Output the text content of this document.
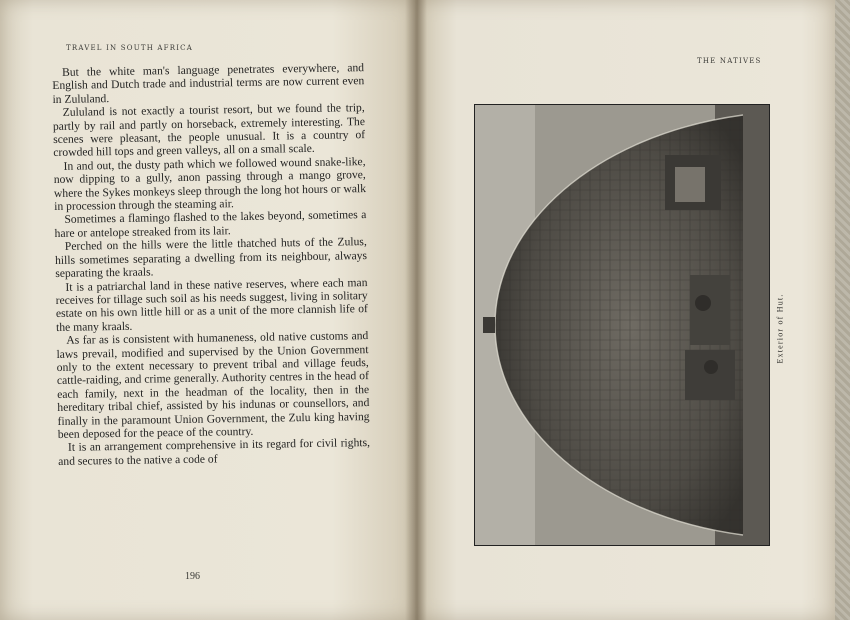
TRAVEL IN SOUTH AFRICA

But the white man's language penetrates everywhere, and English and Dutch trade and industrial terms are now current even in Zululand.

Zululand is not exactly a tourist resort, but we found the trip, partly by rail and partly on horseback, extremely interesting. The scenes were pleasant, the people unusual. It is a country of crowded hill tops and green valleys, all on a small scale.

In and out, the dusty path which we followed wound snake-like, now dipping to a gully, anon passing through a mango grove, where the Sykes monkeys sleep through the long hot hours or walk in procession through the steaming air.

Sometimes a flamingo flashed to the lakes beyond, sometimes a hare or antelope streaked from its lair.

Perched on the hills were the little thatched huts of the Zulus, hills sometimes separating a dwelling from its neighbour, always separating the kraals.

It is a patriarchal land in these native reserves, where each man receives for tillage such soil as his needs suggest, living in solitary estate on his own little hill or as a unit of the more clannish life of the many kraals.

As far as is consistent with humaneness, old native customs and laws prevail, modified and supervised by the Union Government only to the extent necessary to prevent tribal and village feuds, cattle-raiding, and crime generally. Authority centres in the head of each family, next in the headman of the locality, then in the hereditary tribal chief, assisted by his indunas or counsellors, and finally in the paramount Union Government, the Zulu king having been deposed for the peace of the country.

It is an arrangement comprehensive in its regard for civil rights, and secures to the native a code of

196
THE NATIVES
Exterior of Hut.
